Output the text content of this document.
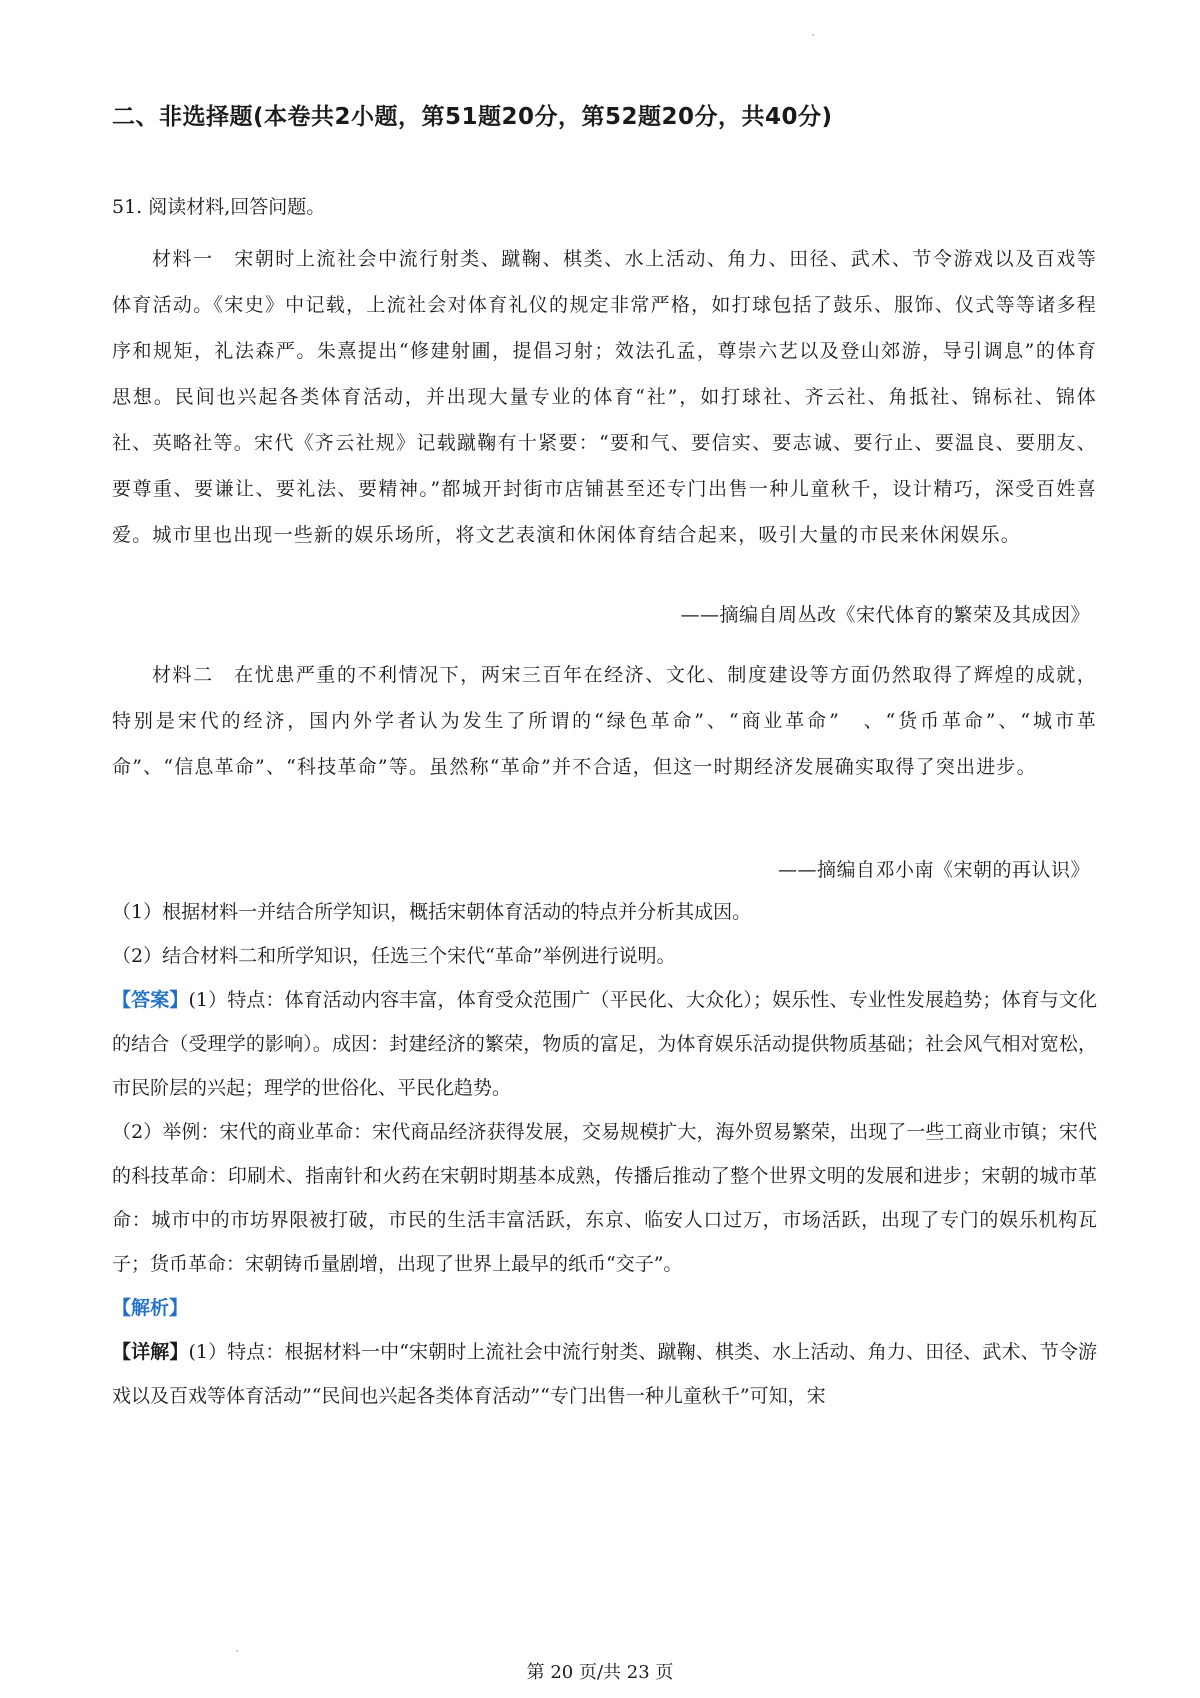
二、非选择题(本卷共2小题，第51题20分，第52题20分，共40分)

51. 阅读材料,回答问题。

材料一　宋朝时上流社会中流行射类、蹴鞠、棋类、水上活动、角力、田径、武术、节令游戏以及百戏等体育活动。《宋史》中记载，上流社会对体育礼仪的规定非常严格，如打球包括了鼓乐、服饰、仪式等等诸多程序和规矩，礼法森严。朱熹提出“修建射圃，提倡习射；效法孔孟，尊崇六艺以及登山郊游，导引调息”的体育思想。民间也兴起各类体育活动，并出现大量专业的体育“社”，如打球社、齐云社、角抵社、锦标社、锦体社、英略社等。宋代《齐云社规》记载蹴鞠有十紧要：“要和气、要信实、要志诚、要行止、要温良、要朋友、要尊重、要谦让、要礼法、要精神。”都城开封街市店铺甚至还专门出售一种儿童秋千，设计精巧，深受百姓喜爱。城市里也出现一些新的娱乐场所，将文艺表演和休闲体育结合起来，吸引大量的市民来休闲娱乐。

——摘编自周丛改《宋代体育的繁荣及其成因》

材料二　在忧患严重的不利情况下，两宋三百年在经济、文化、制度建设等方面仍然取得了辉煌的成就，特别是宋代的经济，国内外学者认为发生了所谓的“绿色革命”、“商业革命”　、“货币革命”、“城市革命”、“信息革命”、“科技革命”等。虽然称“革命”并不合适，但这一时期经济发展确实取得了突出进步。

——摘编自邓小南《宋朝的再认识》

（1）根据材料一并结合所学知识，概括宋朝体育活动的特点并分析其成因。

（2）结合材料二和所学知识，任选三个宋代“革命”举例进行说明。

【答案】(1）特点：体育活动内容丰富，体育受众范围广（平民化、大众化）；娱乐性、专业性发展趋势；体育与文化的结合（受理学的影响）。成因：封建经济的繁荣，物质的富足，为体育娱乐活动提供物质基础；社会风气相对宽松，市民阶层的兴起；理学的世俗化、平民化趋势。

（2）举例：宋代的商业革命：宋代商品经济获得发展，交易规模扩大，海外贸易繁荣，出现了一些工商业市镇；宋代的科技革命：印刷术、指南针和火药在宋朝时期基本成熟，传播后推动了整个世界文明的发展和进步；宋朝的城市革命：城市中的市坊界限被打破，市民的生活丰富活跃，东京、临安人口过万，市场活跃，出现了专门的娱乐机构瓦子；货币革命：宋朝铸币量剧增，出现了世界上最早的纸币“交子”。

【解析】

【详解】(1）特点：根据材料一中“宋朝时上流社会中流行射类、蹴鞠、棋类、水上活动、角力、田径、武术、节令游戏以及百戏等体育活动”“民间也兴起各类体育活动”“专门出售一种儿童秋千”可知，宋

第 20 页/共 23 页
